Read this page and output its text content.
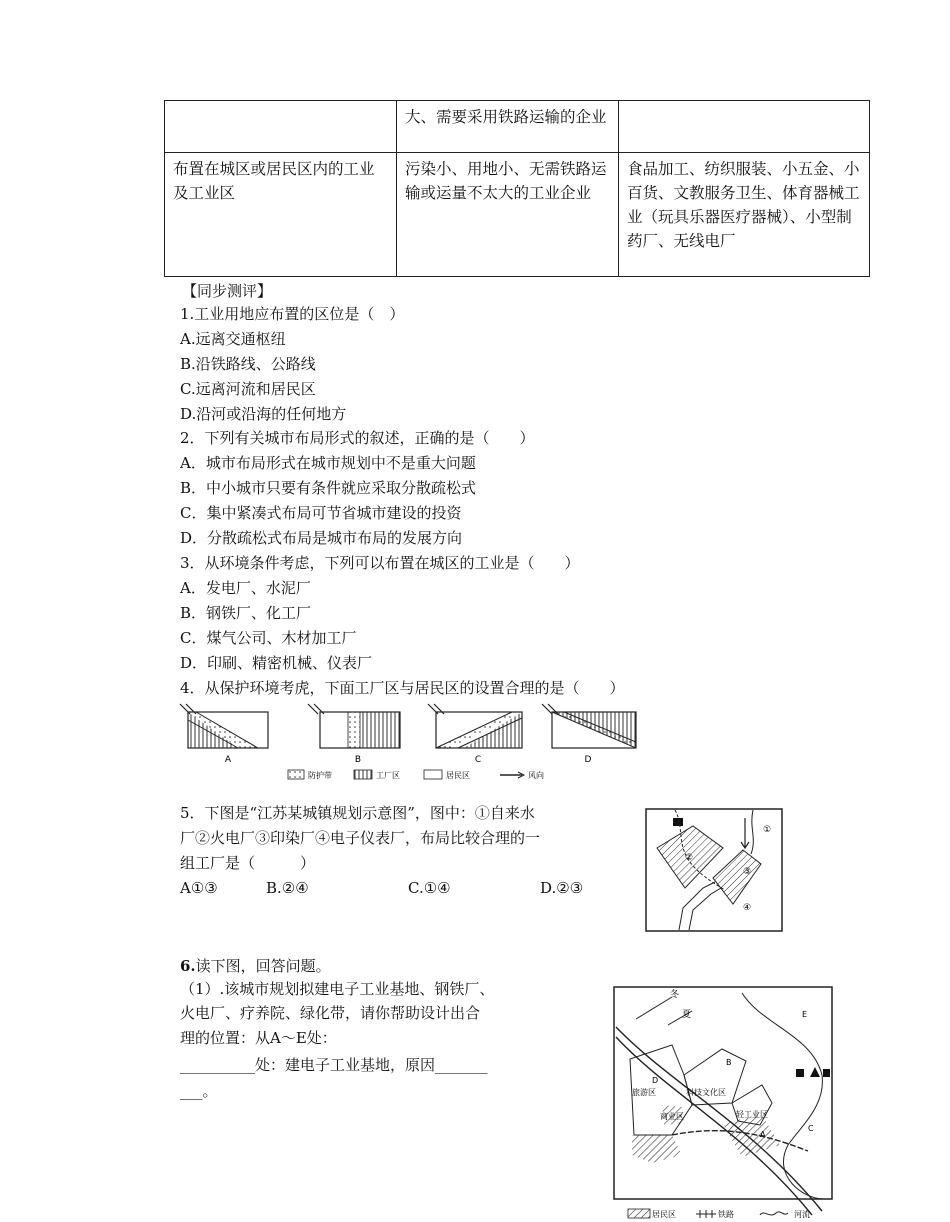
	大、需要采用铁路运输的企业	
布置在城区或居民区内的工业及工业区	污染小、用地小、无需铁路运输或运量不太大的工业企业	食品加工、纺织服装、小五金、小百货、文教服务卫生、体育器械工业（玩具乐器医疗器械）、小型制药厂、无线电厂
【同步测评】
1.工业用地应布置的区位是（　）
A.远离交通枢纽
B.沿铁路线、公路线
C.远离河流和居民区
D.沿河或沿海的任何地方
2．下列有关城市布局形式的叙述，正确的是（　　）
A．城市布局形式在城市规划中不是重大问题
B．中小城市只要有条件就应采取分散疏松式
C．集中紧凑式布局可节省城市建设的投资
D．分散疏松式布局是城市布局的发展方向
3．从环境条件考虑，下列可以布置在城区的工业是（　　）
A．发电厂、水泥厂
B．钢铁厂、化工厂
C．煤气公司、木材加工厂
D．印刷、精密机械、仪表厂
4．从保护环境考虎，下面工厂区与居民区的设置合理的是（　　）
A	B	C	D
防护带	工厂区	居民区	风向
5．下图是“江苏某城镇规划示意图”，图中：①自来水
厂②火电厂③印染厂④电子仪表厂，布局比较合理的一
组工厂是（　　　）
A①③	B.②④	C.①④	D.②③
①
②
③
④
6.读下图，回答问题。
（1）.该城市规划拟建电子工业基地、钢铁厂、
火电厂、疗养院、绿化带，请你帮助设计出合
理的位置：从A～E处：
__________处：建电子工业基地，原因_______
___。
冬
夏
科技文化区
轻工业区
旅游区
商业区
A
B
C
D
E
居民区	铁路	河流
